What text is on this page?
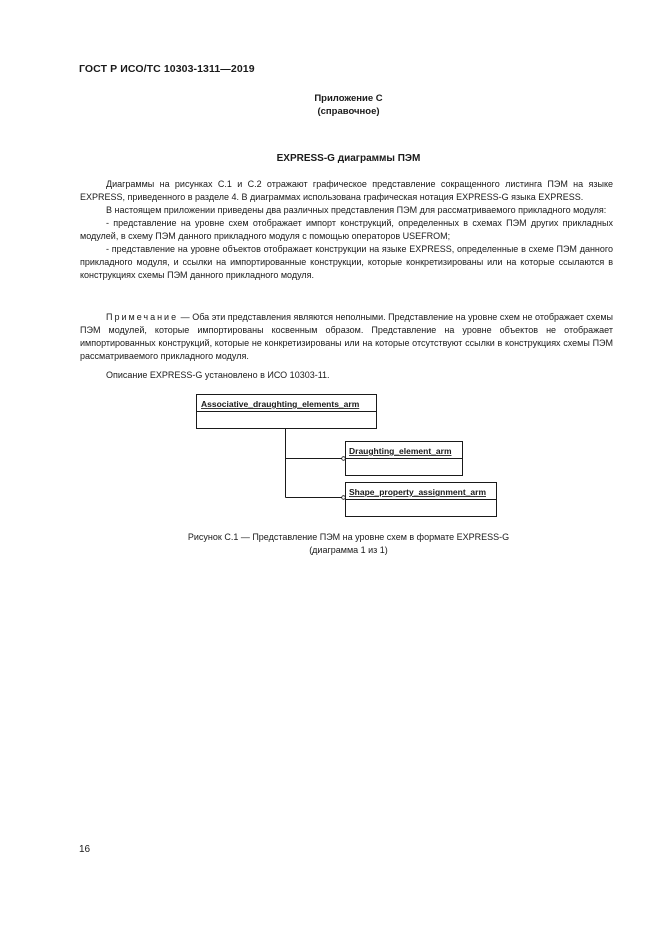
ГОСТ Р ИСО/ТС 10303-1311—2019
Приложение С
(справочное)
EXPRESS-G диаграммы ПЭМ

Диаграммы на рисунках С.1 и С.2 отражают графическое представление сокращенного листинга ПЭМ на языке EXPRESS, приведенного в разделе 4. В диаграммах использована графическая нотация EXPRESS-G языка EXPRESS.

В настоящем приложении приведены два различных представления ПЭМ для рассматриваемого прикладного модуля:

- представление на уровне схем отображает импорт конструкций, определенных в схемах ПЭМ других прикладных модулей, в схему ПЭМ данного прикладного модуля с помощью операторов USEFROM;

- представление на уровне объектов отображает конструкции на языке EXPRESS, определенные в схеме ПЭМ данного прикладного модуля, и ссылки на импортированные конструкции, которые конкретизированы или на которые ссылаются в конструкциях схемы ПЭМ данного прикладного модуля.

Примечание — Оба эти представления являются неполными. Представление на уровне схем не отображает схемы ПЭМ модулей, которые импортированы косвенным образом. Представление на уровне объектов не отображает импортированных конструкций, которые не конкретизированы или на которые отсутствуют ссылки в конструкциях схемы ПЭМ рассматриваемого прикладного модуля.

Описание EXPRESS-G установлено в ИСО 10303-11.

Associative_draughting_elements_arm
Draughting_element_arm
Shape_property_assignment_arm
Рисунок С.1 — Представление ПЭМ на уровне схем в формате EXPRESS-G
(диаграмма 1 из 1)
16
